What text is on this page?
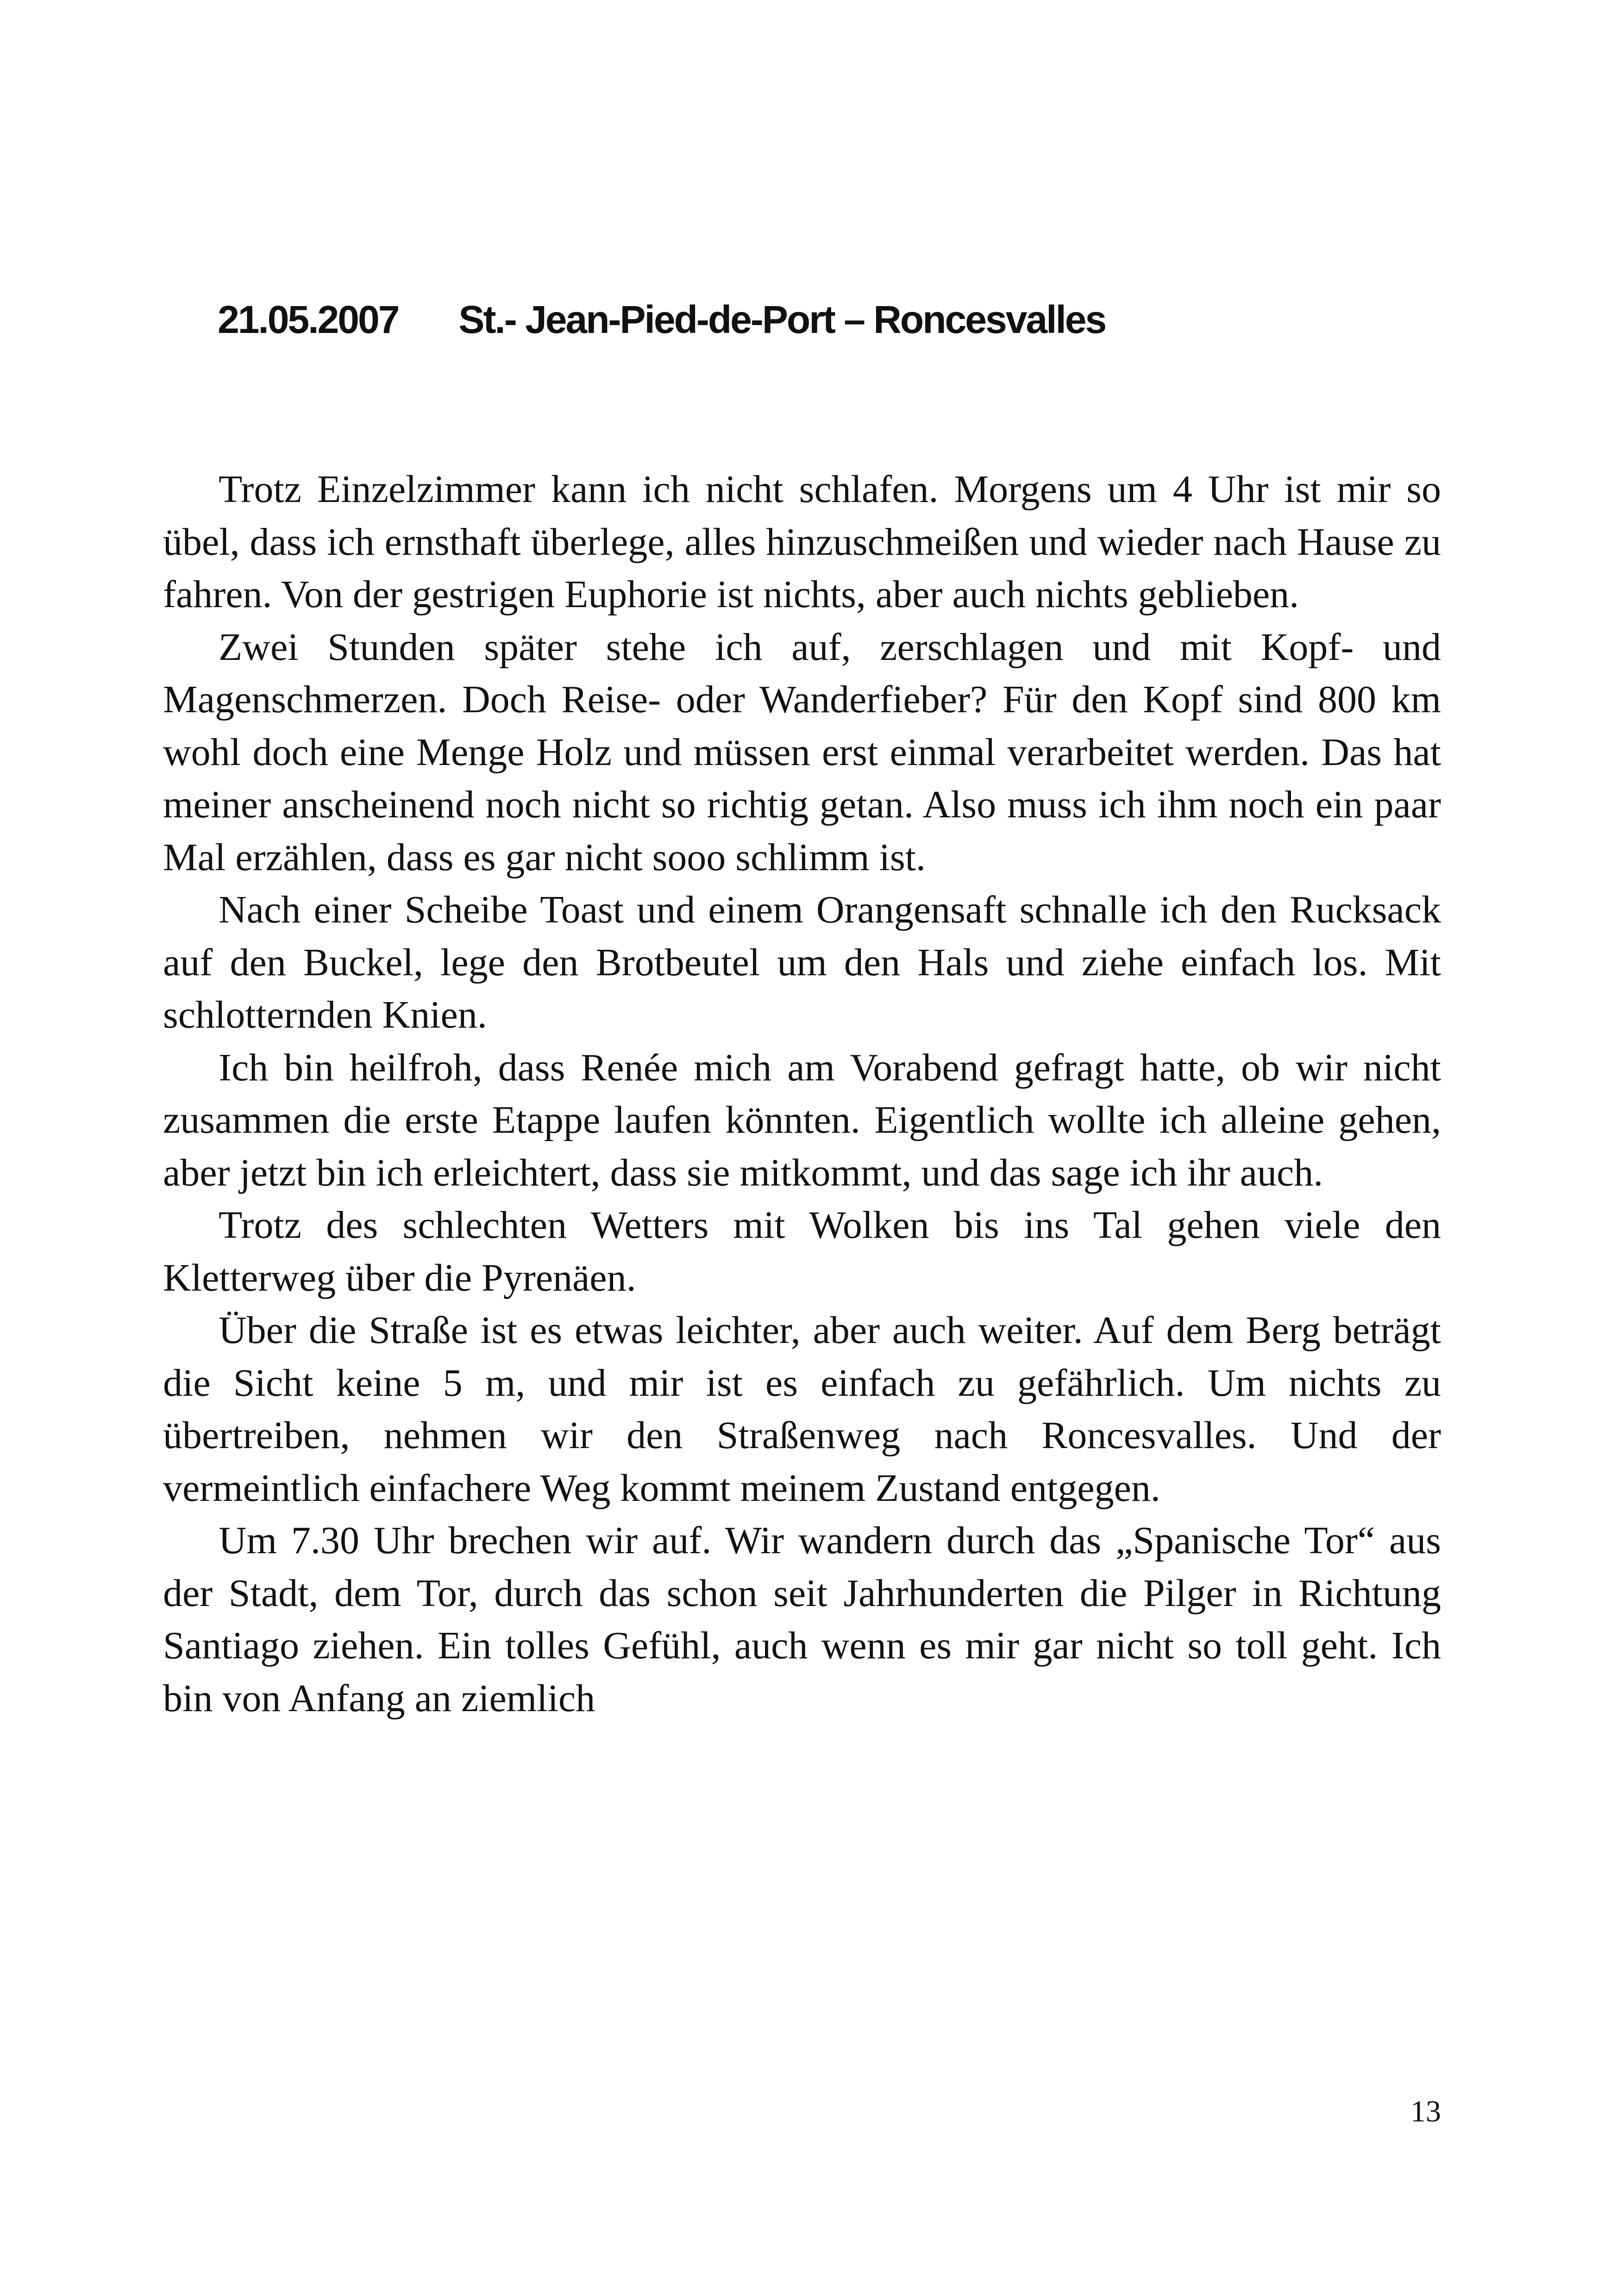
21.05.2007 St.- Jean-Pied-de-Port – Roncesvalles

Trotz Einzelzimmer kann ich nicht schlafen. Morgens um 4 Uhr ist mir so übel, dass ich ernsthaft überlege, alles hinzuschmeißen und wieder nach Hause zu fahren. Von der gestrigen Euphorie ist nichts, aber auch nichts geblieben.

Zwei Stunden später stehe ich auf, zerschlagen und mit Kopf- und Magenschmerzen. Doch Reise- oder Wanderfieber? Für den Kopf sind 800 km wohl doch eine Menge Holz und müssen erst einmal verarbeitet werden. Das hat meiner anscheinend noch nicht so richtig getan. Also muss ich ihm noch ein paar Mal erzählen, dass es gar nicht sooo schlimm ist.

Nach einer Scheibe Toast und einem Orangensaft schnalle ich den Rucksack auf den Buckel, lege den Brotbeutel um den Hals und ziehe einfach los. Mit schlotternden Knien.

Ich bin heilfroh, dass Renée mich am Vorabend gefragt hatte, ob wir nicht zusammen die erste Etappe laufen könnten. Eigentlich wollte ich alleine gehen, aber jetzt bin ich erleichtert, dass sie mitkommt, und das sage ich ihr auch.

Trotz des schlechten Wetters mit Wolken bis ins Tal gehen viele den Kletterweg über die Pyrenäen.

Über die Straße ist es etwas leichter, aber auch weiter. Auf dem Berg beträgt die Sicht keine 5 m, und mir ist es einfach zu gefährlich. Um nichts zu übertreiben, nehmen wir den Straßenweg nach Roncesvalles. Und der vermeintlich einfachere Weg kommt meinem Zustand entgegen.

Um 7.30 Uhr brechen wir auf. Wir wandern durch das „Spanische Tor“ aus der Stadt, dem Tor, durch das schon seit Jahrhunderten die Pilger in Richtung Santiago ziehen. Ein tolles Gefühl, auch wenn es mir gar nicht so toll geht. Ich bin von Anfang an ziemlich

13
